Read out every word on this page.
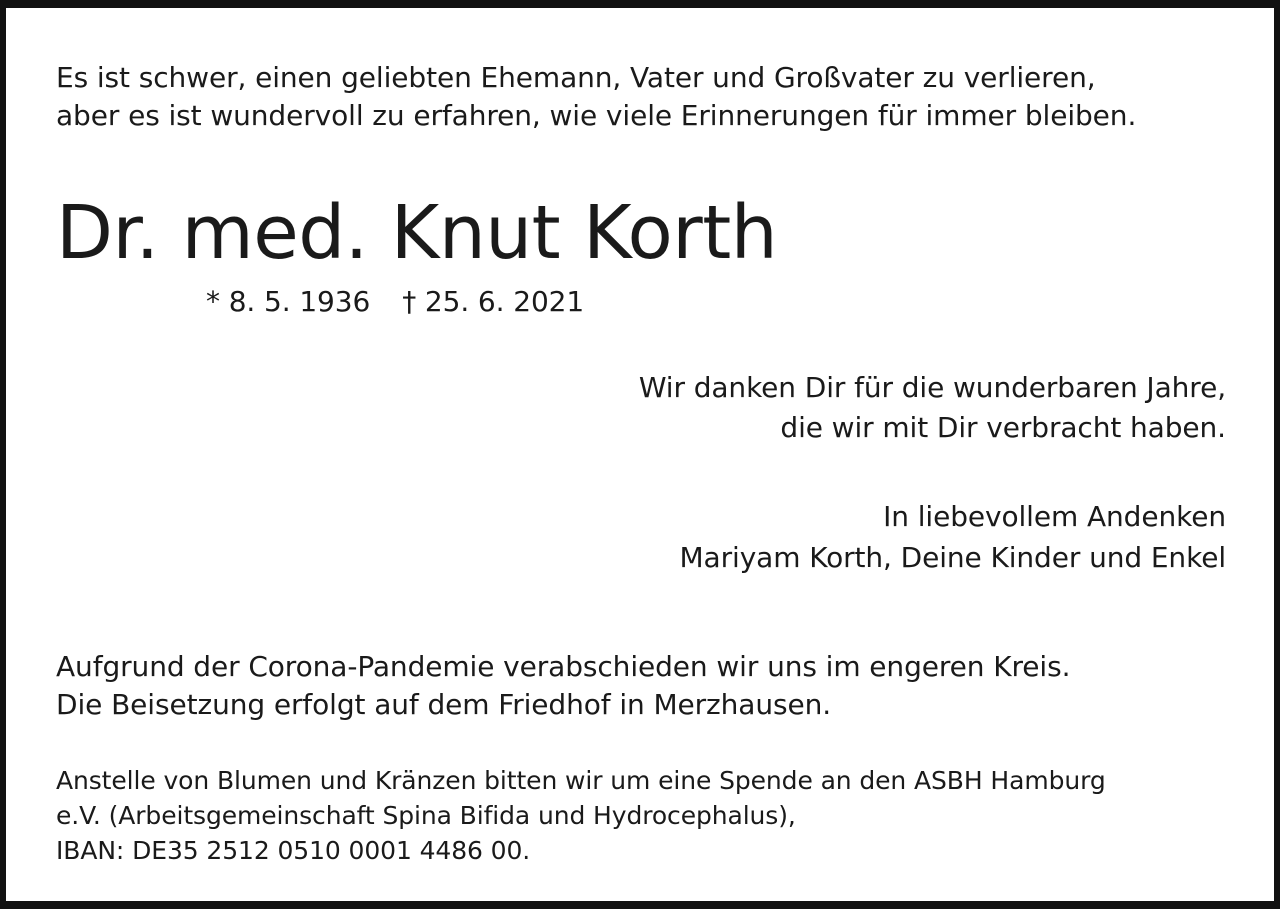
Es ist schwer, einen geliebten Ehemann, Vater und Großvater zu verlieren,
aber es ist wundervoll zu erfahren, wie viele Erinnerungen für immer bleiben.
Dr. med. Knut Korth
* 8. 5. 1936 † 25. 6. 2021
Wir danken Dir für die wunderbaren Jahre,
die wir mit Dir verbracht haben.
In liebevollem Andenken
Mariyam Korth, Deine Kinder und Enkel
Aufgrund der Corona-Pandemie verabschieden wir uns im engeren Kreis.
Die Beisetzung erfolgt auf dem Friedhof in Merzhausen.
Anstelle von Blumen und Kränzen bitten wir um eine Spende an den ASBH Hamburg
e.V. (Arbeitsgemeinschaft Spina Bifida und Hydrocephalus),
IBAN: DE35 2512 0510 0001 4486 00.
